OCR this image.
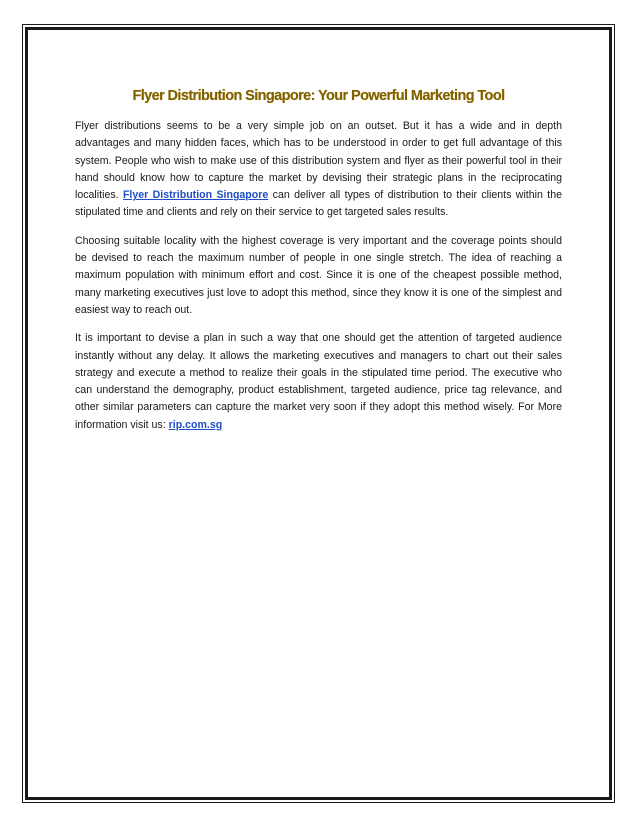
Flyer Distribution Singapore: Your Powerful Marketing Tool

Flyer distributions seems to be a very simple job on an outset. But it has a wide and in depth advantages and many hidden faces, which has to be understood in order to get full advantage of this system. People who wish to make use of this distribution system and flyer as their powerful tool in their hand should know how to capture the market by devising their strategic plans in the reciprocating localities. Flyer Distribution Singapore can deliver all types of distribution to their clients within the stipulated time and clients and rely on their service to get targeted sales results.

Choosing suitable locality with the highest coverage is very important and the coverage points should be devised to reach the maximum number of people in one single stretch. The idea of reaching a maximum population with minimum effort and cost. Since it is one of the cheapest possible method, many marketing executives just love to adopt this method, since they know it is one of the simplest and easiest way to reach out.

It is important to devise a plan in such a way that one should get the attention of targeted audience instantly without any delay. It allows the marketing executives and managers to chart out their sales strategy and execute a method to realize their goals in the stipulated time period. The executive who can understand the demography, product establishment, targeted audience, price tag relevance, and other similar parameters can capture the market very soon if they adopt this method wisely. For More information visit us: rip.com.sg
